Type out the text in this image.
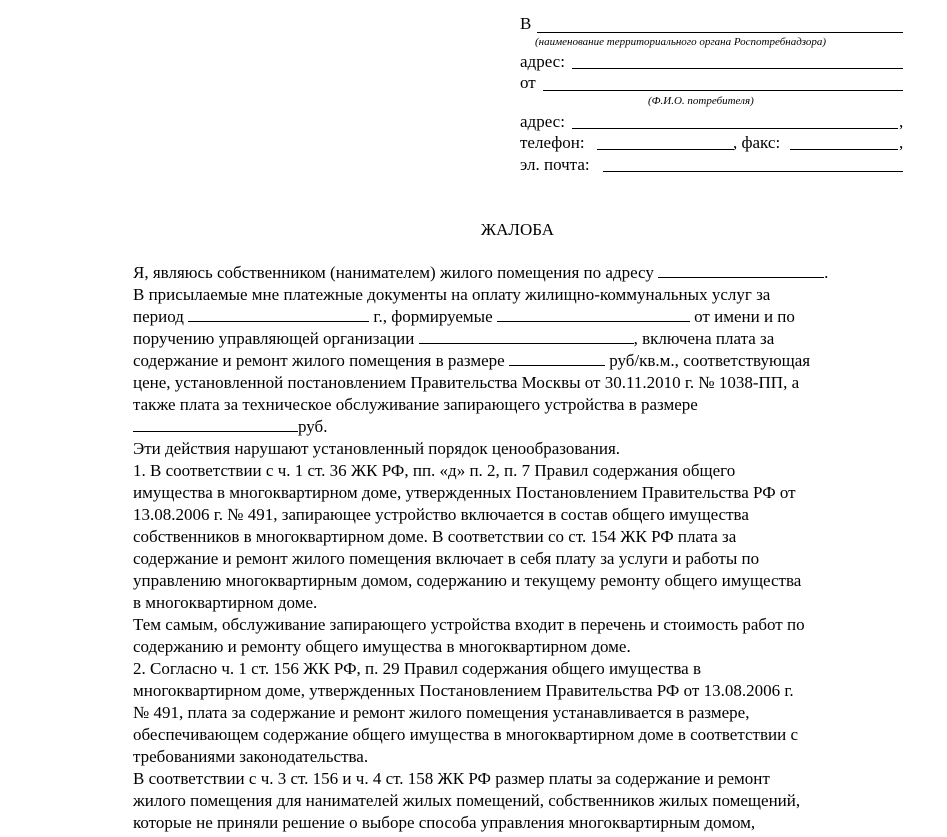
В
(наименование территориального органа Роспотребнадзора)
адрес:
от
(Ф.И.О. потребителя)
адрес:	,
телефон:	, факс:	,
эл. почта:
ЖАЛОБА
Я, являюсь собственником (нанимателем) жилого помещения по адресу	.
В присылаемые мне платежные документы на оплату жилищно-коммунальных услуг за
период	г., формируемые	от имени и по
поручению управляющей организации	, включена плата за
содержание и ремонт жилого помещения в размере	руб/кв.м., соответствующая
цене, установленной постановлением Правительства Москвы от 30.11.2010 г. № 1038-ПП, а
также плата за техническое обслуживание запирающего устройства в размере
руб.
Эти действия нарушают установленный порядок ценообразования.
1. В соответствии с ч. 1 ст. 36 ЖК РФ, пп. «д» п. 2, п. 7 Правил содержания общего
имущества в многоквартирном доме, утвержденных Постановлением Правительства РФ от
13.08.2006 г. № 491, запирающее устройство включается в состав общего имущества
собственников в многоквартирном доме. В соответствии со ст. 154 ЖК РФ плата за
содержание и ремонт жилого помещения включает в себя плату за услуги и работы по
управлению многоквартирным домом, содержанию и текущему ремонту общего имущества
в многоквартирном доме.
Тем самым, обслуживание запирающего устройства входит в перечень и стоимость работ по
содержанию и ремонту общего имущества в многоквартирном доме.
2. Согласно ч. 1 ст. 156 ЖК РФ, п. 29 Правил содержания общего имущества в
многоквартирном доме, утвержденных Постановлением Правительства РФ от 13.08.2006 г.
№ 491, плата за содержание и ремонт жилого помещения устанавливается в размере,
обеспечивающем содержание общего имущества в многоквартирном доме в соответствии с
требованиями законодательства.
В соответствии с ч. 3 ст. 156 и ч. 4 ст. 158 ЖК РФ размер платы за содержание и ремонт
жилого помещения для нанимателей жилых помещений, собственников жилых помещений,
которые не приняли решение о выборе способа управления многоквартирным домом,
